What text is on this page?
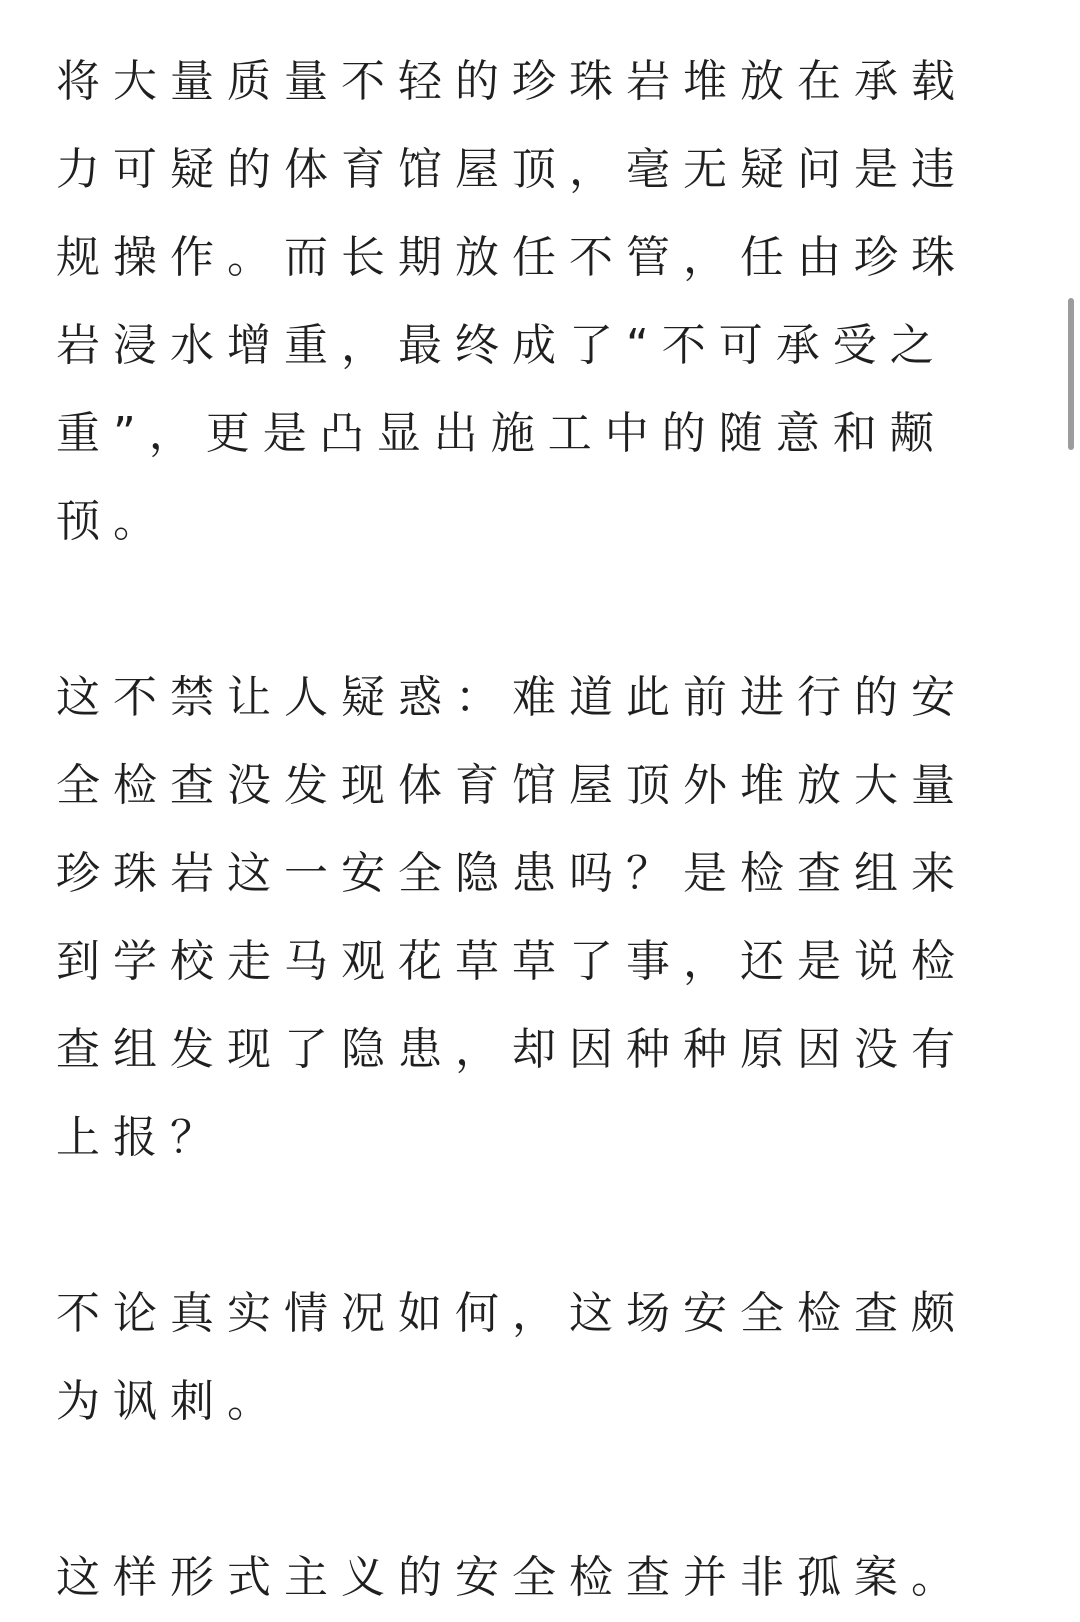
将大量质量不轻的珍珠岩堆放在承载力可疑的体育馆屋顶，毫无疑问是违规操作。而长期放任不管，任由珍珠岩浸水增重，最终成了“不可承受之重”，更是凸显出施工中的随意和颟顸。

这不禁让人疑惑：难道此前进行的安全检查没发现体育馆屋顶外堆放大量珍珠岩这一安全隐患吗？是检查组来到学校走马观花草草了事，还是说检查组发现了隐患，却因种种原因没有上报？

不论真实情况如何，这场安全检查颇为讽刺。

这样形式主义的安全检查并非孤案。
